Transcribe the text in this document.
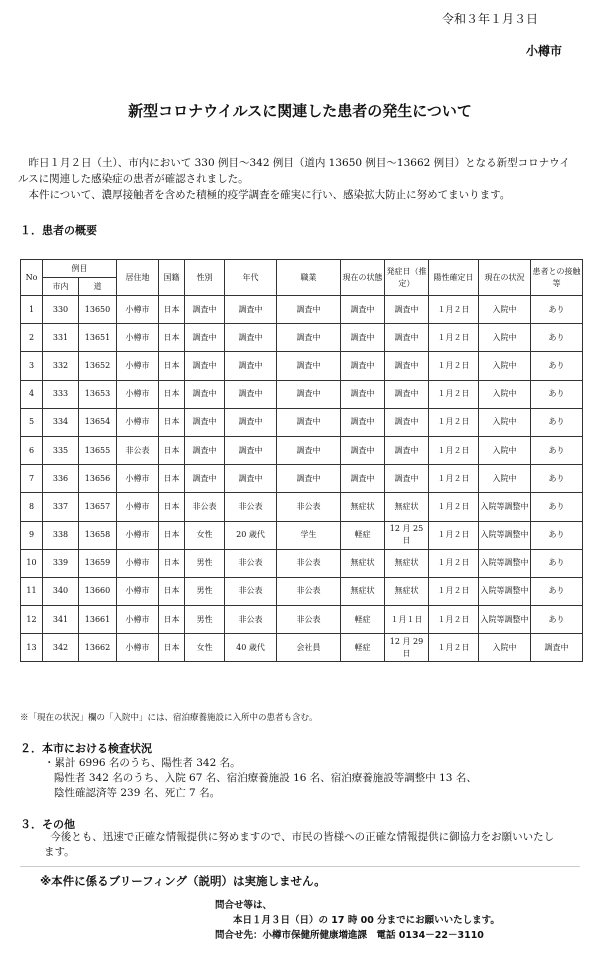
令和３年１月３日
小樽市
新型コロナウイルスに関連した患者の発生について

昨日１月２日（土）、市内において 330 例目～342 例目（道内 13650 例目～13662 例目）となる新型コロナウイルスに関連した感染症の患者が確認されました。

本件について、濃厚接触者を含めた積極的疫学調査を確実に行い、感染拡大防止に努めてまいります。

１．患者の概要
No	例目		居住地	国籍	性別	年代	職業	現在の状態	発症日（推定）	陽性確定日	現在の状況	患者との接触等
	市内	道										
1	330	13650	小樽市	日本	調査中	調査中	調査中	調査中	調査中	１月２日	入院中	あり
2	331	13651	小樽市	日本	調査中	調査中	調査中	調査中	調査中	１月２日	入院中	あり
3	332	13652	小樽市	日本	調査中	調査中	調査中	調査中	調査中	１月２日	入院中	あり
4	333	13653	小樽市	日本	調査中	調査中	調査中	調査中	調査中	１月２日	入院中	あり
5	334	13654	小樽市	日本	調査中	調査中	調査中	調査中	調査中	１月２日	入院中	あり
6	335	13655	非公表	日本	調査中	調査中	調査中	調査中	調査中	１月２日	入院中	あり
7	336	13656	小樽市	日本	調査中	調査中	調査中	調査中	調査中	１月２日	入院中	あり
8	337	13657	小樽市	日本	非公表	非公表	非公表	無症状	無症状	１月２日	入院等調整中	あり
9	338	13658	小樽市	日本	女性	20 歳代	学生	軽症	12 月 25 日	１月２日	入院等調整中	あり
10	339	13659	小樽市	日本	男性	非公表	非公表	無症状	無症状	１月２日	入院等調整中	あり
11	340	13660	小樽市	日本	男性	非公表	非公表	無症状	無症状	１月２日	入院等調整中	あり
12	341	13661	小樽市	日本	男性	非公表	非公表	軽症	１月１日	１月２日	入院等調整中	あり
13	342	13662	小樽市	日本	女性	40 歳代	会社員	軽症	12 月 29 日	１月２日	入院中	調査中
※「現在の状況」欄の「入院中」には、宿泊療養施設に入所中の患者も含む。
２．本市における検査状況
・累計 6996 名のうち、陽性者 342 名。
陽性者 342 名のうち、入院 67 名、宿泊療養施設 16 名、宿泊療養施設等調整中 13 名、
陰性確認済等 239 名、死亡 7 名。
３．その他

今後とも、迅速で正確な情報提供に努めますので、市民の皆様への正確な情報提供に御協力をお願いいたします。

※本件に係るブリーフィング（説明）は実施しません。
問合せ等は、
本日１月３日（日）の 17 時 00 分までにお願いいたします。
問合せ先：小樽市保健所健康増進課　電話 0134－22－3110
